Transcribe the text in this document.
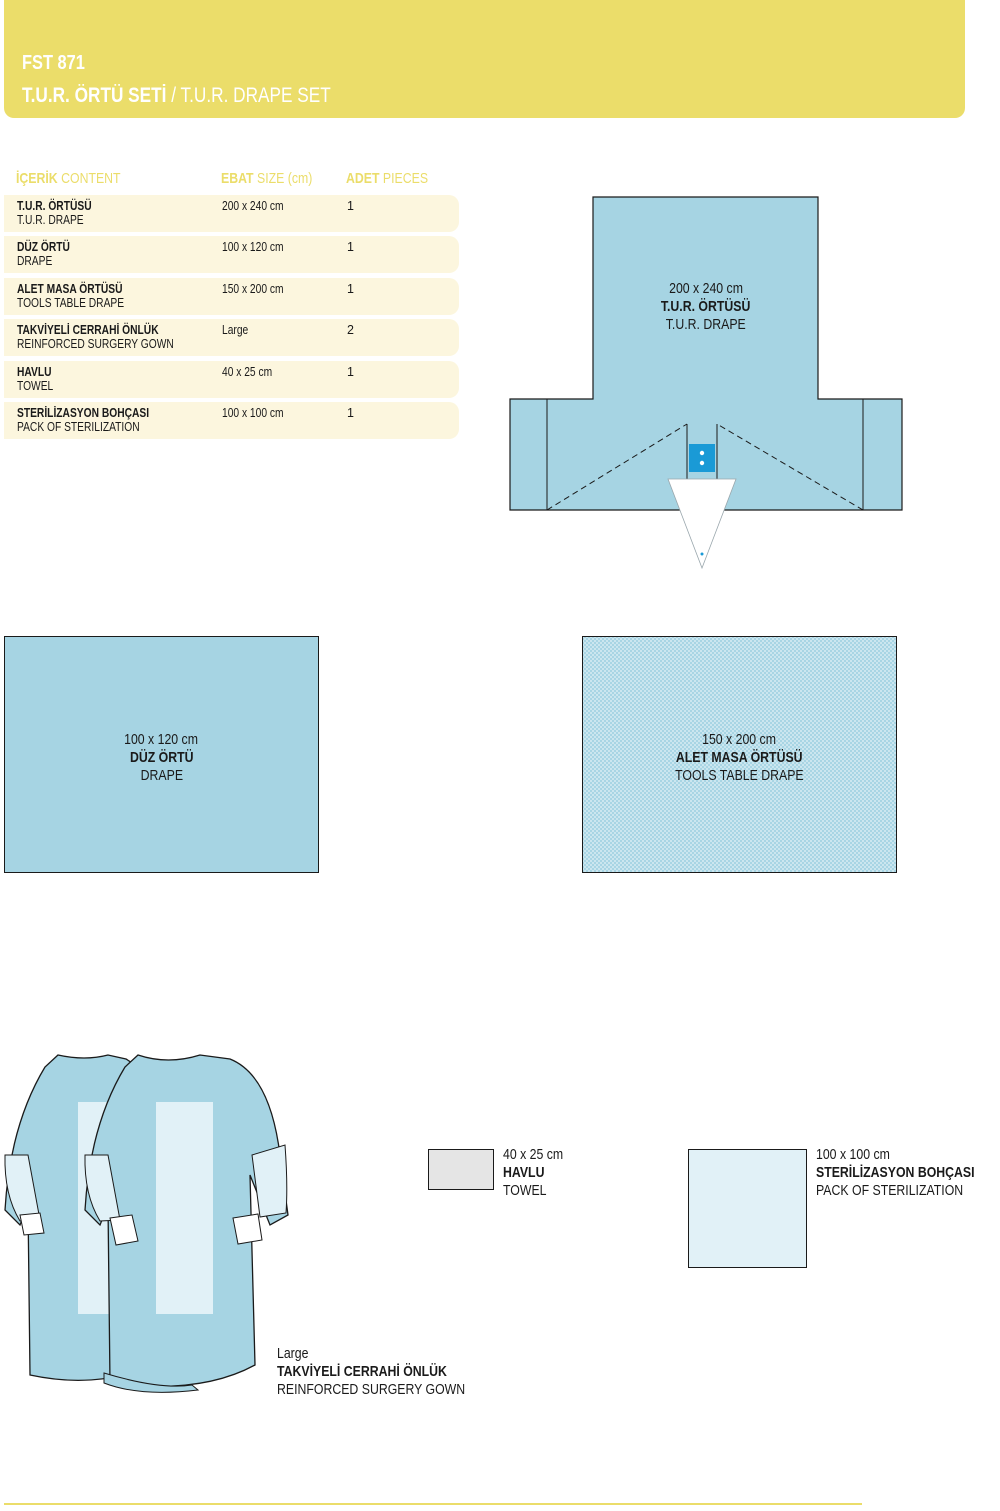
FST 871
T.U.R. ÖRTÜ SETİ / T.U.R. DRAPE SET
İÇERİK CONTENT	EBAT SIZE (cm)	ADET PIECES
T.U.R. ÖRTÜSÜ
T.U.R. DRAPE
200 x 240 cm	1
DÜZ ÖRTÜ
DRAPE
100 x 120 cm	1
ALET MASA ÖRTÜSÜ
TOOLS TABLE DRAPE
150 x 200 cm	1
TAKVİYELİ CERRAHİ ÖNLÜK
REINFORCED SURGERY GOWN
Large	2
HAVLU
TOWEL
40 x 25 cm	1
STERİLİZASYON BOHÇASI
PACK OF STERILIZATION
100 x 100 cm	1
200 x 240 cm
T.U.R. ÖRTÜSÜ
T.U.R. DRAPE
100 x 120 cm
DÜZ ÖRTÜ
DRAPE
150 x 200 cm
ALET MASA ÖRTÜSÜ
TOOLS TABLE DRAPE
Large
TAKVİYELİ CERRAHİ ÖNLÜK
REINFORCED SURGERY GOWN
40 x 25 cm
HAVLU
TOWEL
100 x 100 cm
STERİLİZASYON BOHÇASI
PACK OF STERILIZATION
